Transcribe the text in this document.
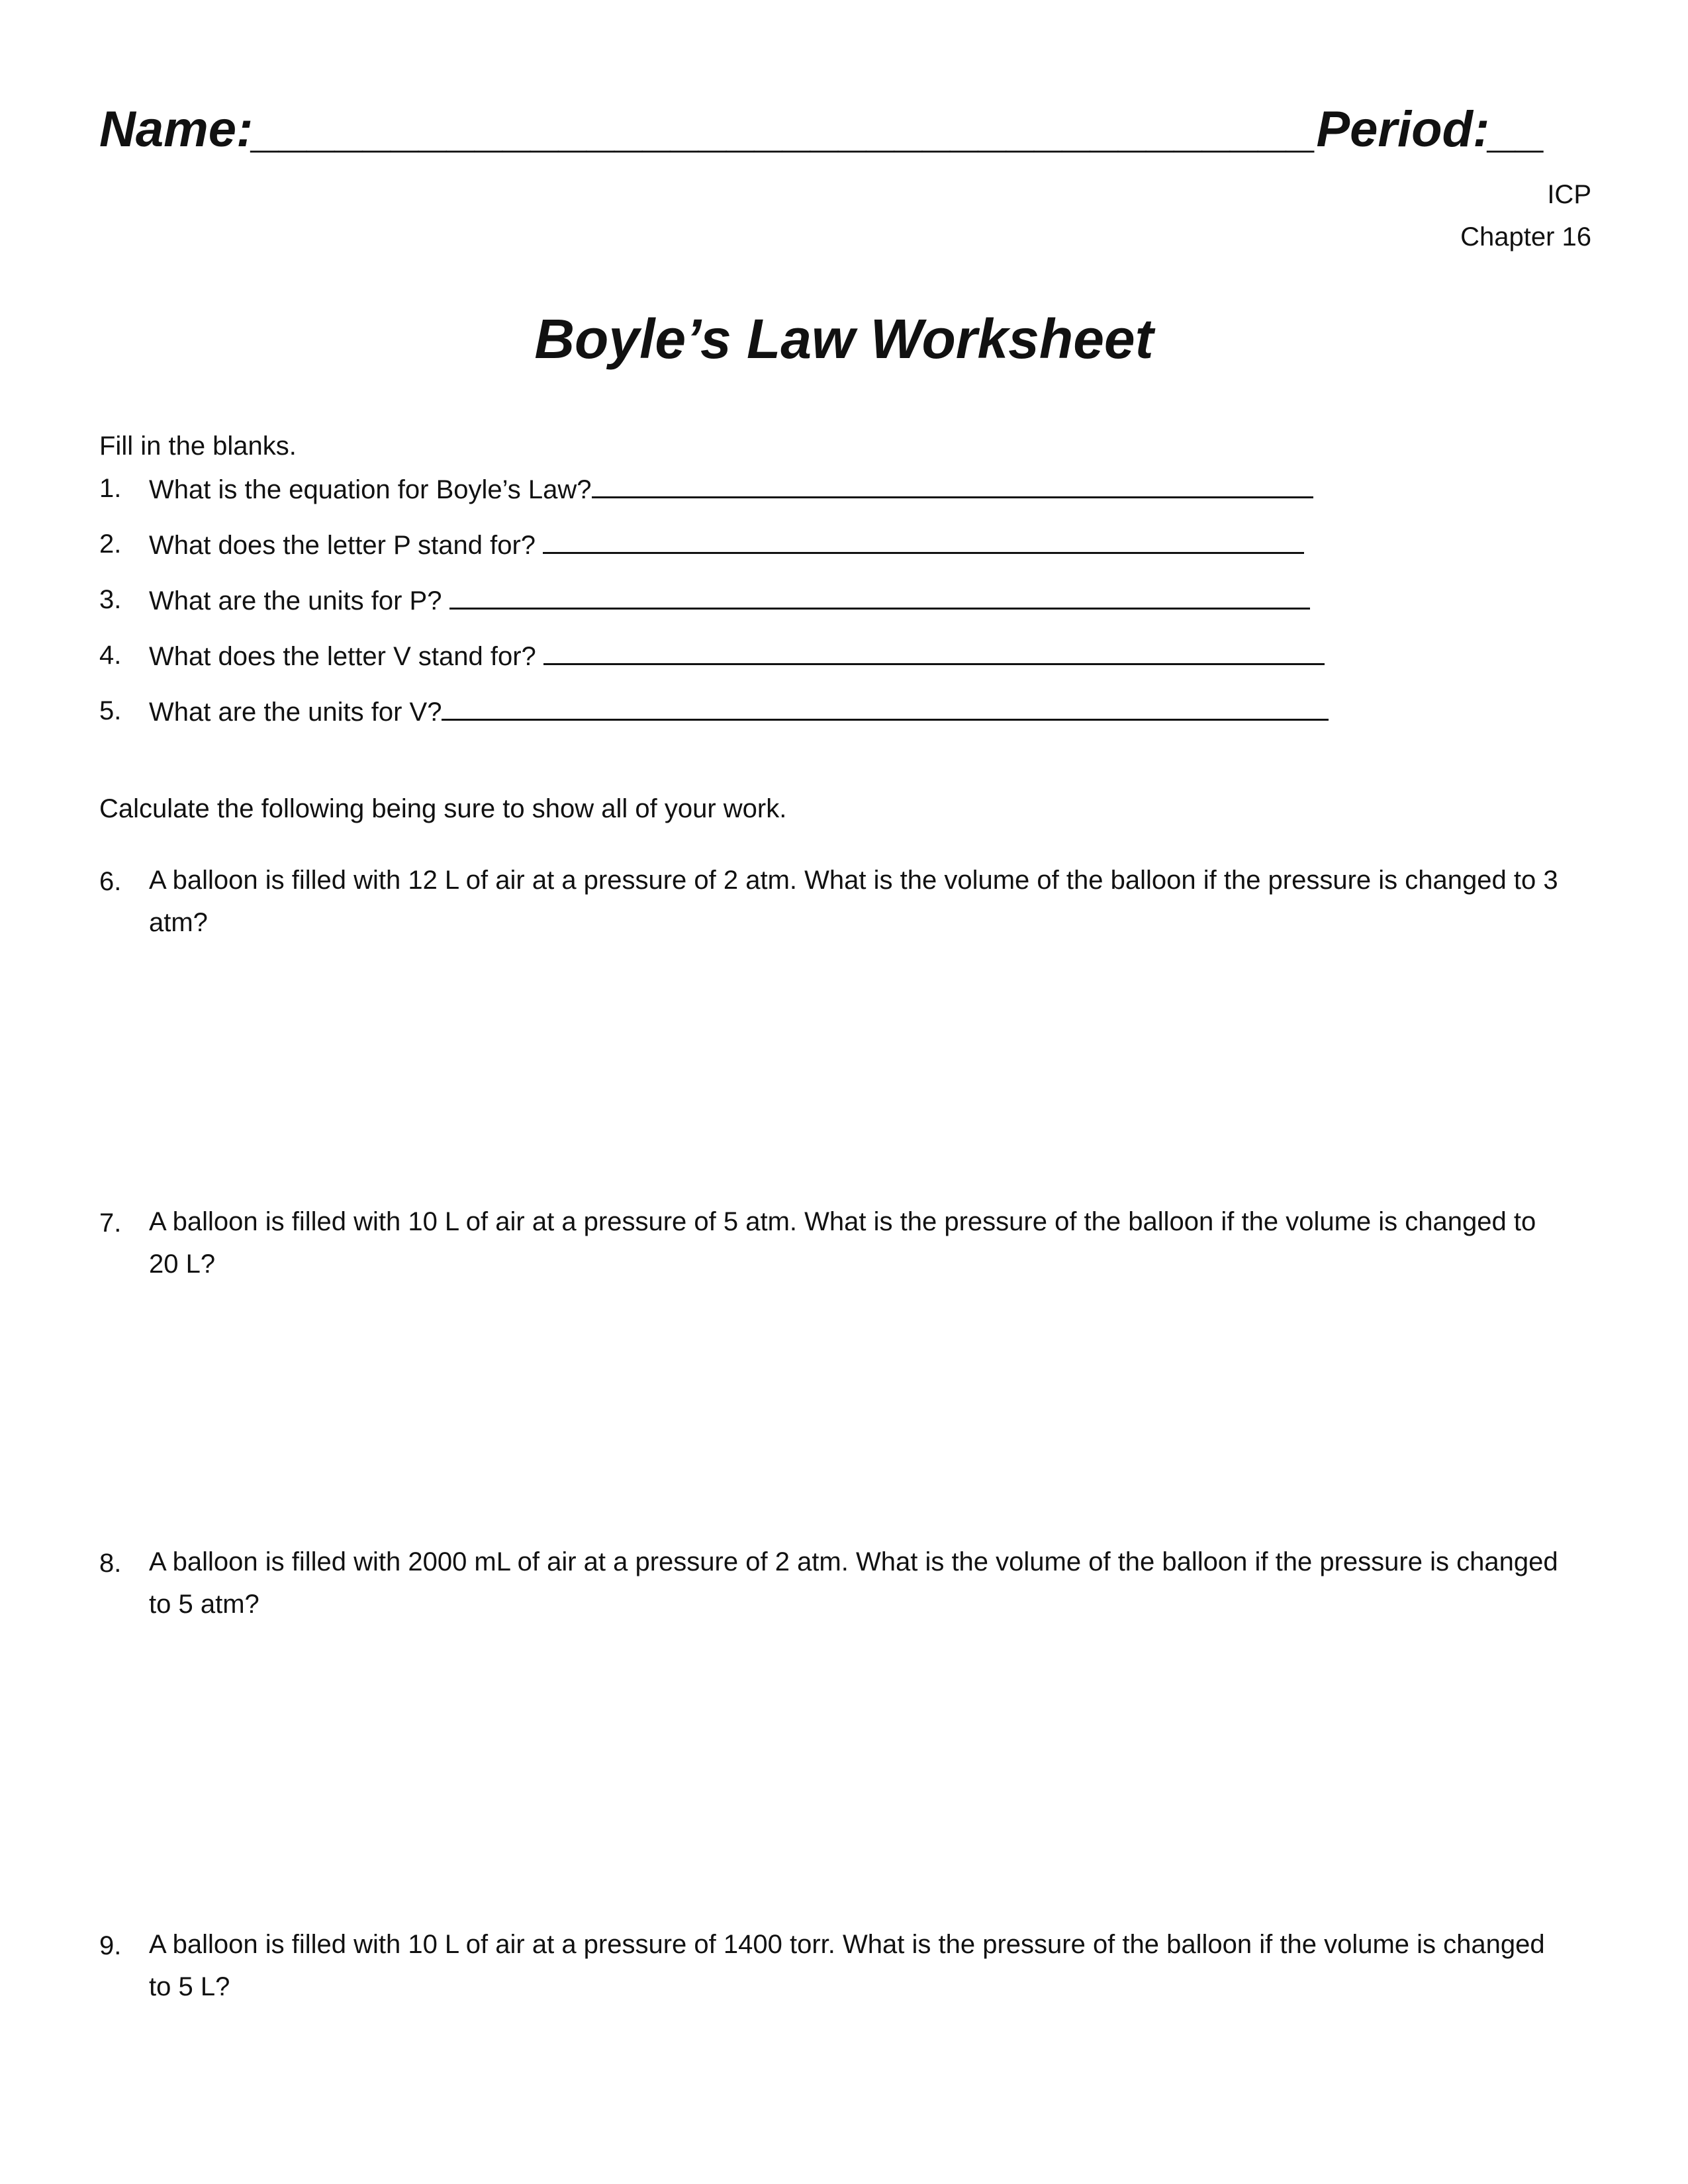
Name:______________________________________Period:__
ICP
Chapter 16
Boyle’s Law Worksheet
Fill in the blanks.
1. What is the equation for Boyle’s Law?
2. What does the letter P stand for?
3. What are the units for P?
4. What does the letter V stand for?
5. What are the units for V?
Calculate the following being sure to show all of your work.
6. A balloon is filled with 12 L of air at a pressure of 2 atm. What is the volume of the balloon if the pressure is changed to 3 atm?
7. A balloon is filled with 10 L of air at a pressure of 5 atm. What is the pressure of the balloon if the volume is changed to 20 L?
8. A balloon is filled with 2000 mL of air at a pressure of 2 atm. What is the volume of the balloon if the pressure is changed to 5 atm?
9. A balloon is filled with 10 L of air at a pressure of 1400 torr. What is the pressure of the balloon if the volume is changed to 5 L?
